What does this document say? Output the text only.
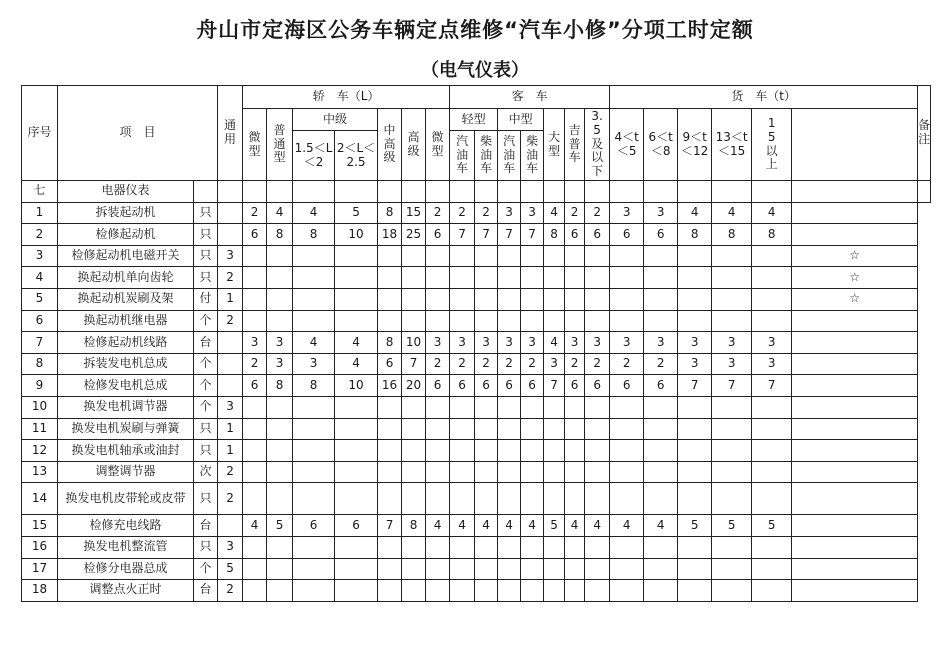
舟山市定海区公务车辆定点维修“汽车小修”分项工时定额
（电气仪表）
序号	项　目		通用	轿　车（L）							客　车							货　车（t）						备　注
				微型	普通型	中级		中高级	高级	微型	轻型		中型		大型	吉普车	3.5及以下	4＜t＜5	6＜t＜8	9＜t＜12	13＜t＜15	15以上		
						1.5＜L＜2	2＜L＜2.5				汽油车	柴油车	汽油车	柴油车										

七	电器仪表																							
1	拆装起动机	只		2	4	4	5	8	15	2	2	2	3	3	4	2	2	3	3	4	4	4		
2	检修起动机	只		6	8	8	10	18	25	6	7	7	7	7	8	6	6	6	6	8	8	8		
3	检修起动机电磁开关	只	3																				☆	
4	换起动机单向齿轮	只	2																				☆	
5	换起动机炭刷及架	付	1																				☆	
6	换起动机继电器	个	2																					
7	检修起动机线路	台		3	3	4	4	8	10	3	3	3	3	3	4	3	3	3	3	3	3	3		
8	拆装发电机总成	个		2	3	3	4	6	7	2	2	2	2	2	3	2	2	2	2	3	3	3		
9	检修发电机总成	个		6	8	8	10	16	20	6	6	6	6	6	7	6	6	6	6	7	7	7		
10	换发电机调节器	个	3																					
11	换发电机炭刷与弹簧	只	1																					
12	换发电机轴承或油封	只	1																					
13	调整调节器	次	2																					
14	换发电机皮带轮或皮带	只	2																					
15	检修充电线路	台		4	5	6	6	7	8	4	4	4	4	4	5	4	4	4	4	5	5	5		
16	换发电机整流管	只	3																					
17	检修分电器总成	个	5																					
18	调整点火正时	台	2																					
